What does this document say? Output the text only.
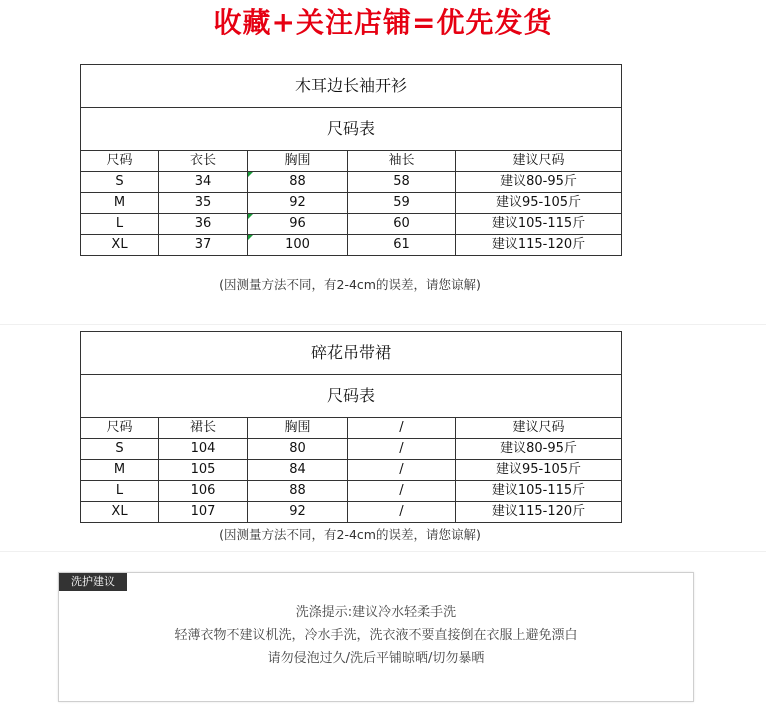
收藏+关注店铺=优先发货
木耳边长袖开衫				
尺码表				
尺码	衣长	胸围	袖长	建议尺码
S	34	88	58	建议80-95斤
M	35	92	59	建议95-105斤
L	36	96	60	建议105-115斤
XL	37	100	61	建议115-120斤
(因测量方法不同，有2-4cm的误差，请您谅解)
碎花吊带裙				
尺码表				
尺码	裙长	胸围	/	建议尺码
S	104	80	/	建议80-95斤
M	105	84	/	建议95-105斤
L	106	88	/	建议105-115斤
XL	107	92	/	建议115-120斤
(因测量方法不同，有2-4cm的误差，请您谅解)
洗护建议
洗涤提示:建议冷水轻柔手洗
轻薄衣物不建议机洗，冷水手洗，洗衣液不要直接倒在衣服上避免漂白
请勿侵泡过久/洗后平铺晾晒/切勿暴晒
